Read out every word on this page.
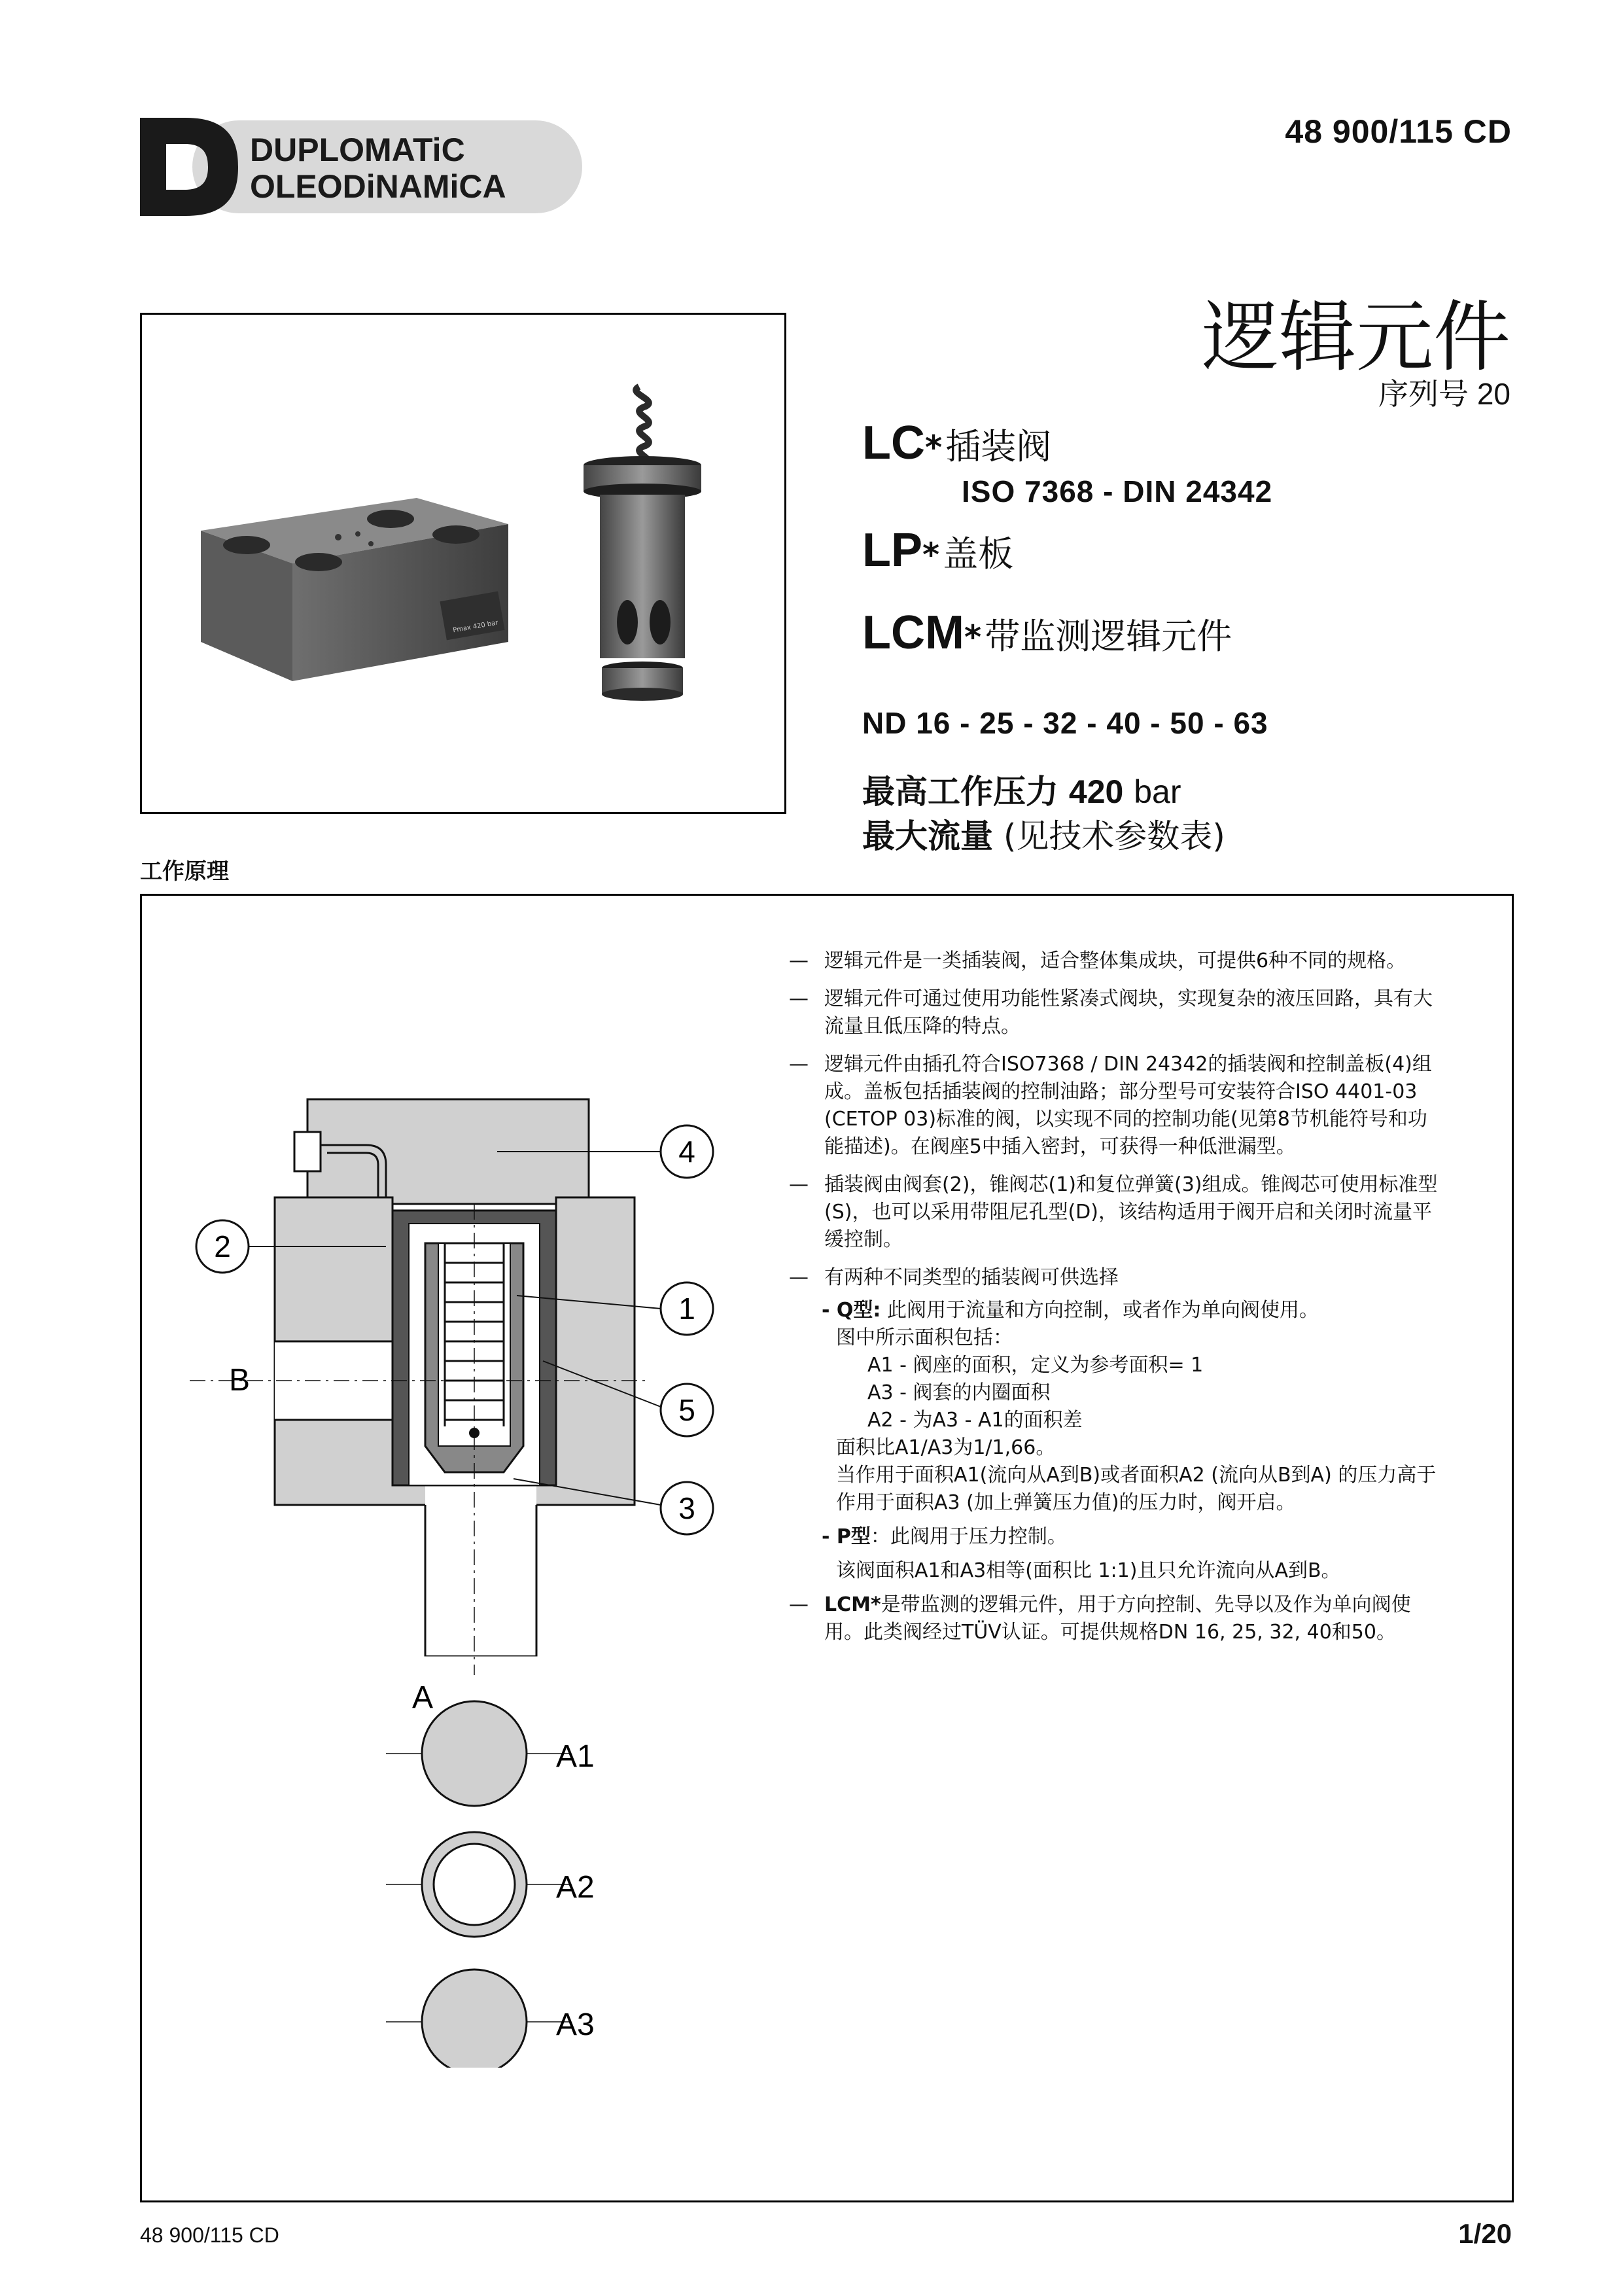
DUPLOMATiC
OLEODiNAMiCA
48 900/115 CD
逻辑元件
序列号 20
Pmax 420 bar
LC* 插装阀
ISO 7368 - DIN 24342
LP* 盖板
LCM* 带监测逻辑元件
ND 16 - 25 - 32 - 40 - 50 - 63
最高工作压力 420 bar
最大流量 (见技术参数表)
工作原理
4
2
1
5
3
B
A
A1
A2
A3
— 逻辑元件是一类插装阀，适合整体集成块，可提供6种不同的规格。
— 逻辑元件可通过使用功能性紧凑式阀块，实现复杂的液压回路，具有大流量且低压降的特点。
— 逻辑元件由插孔符合ISO7368 / DIN 24342的插装阀和控制盖板(4)组成。盖板包括插装阀的控制油路；部分型号可安装符合ISO 4401-03 (CETOP 03)标准的阀，以实现不同的控制功能(见第8节机能符号和功能描述)。在阀座5中插入密封，可获得一种低泄漏型。
— 插装阀由阀套(2)，锥阀芯(1)和复位弹簧(3)组成。锥阀芯可使用标准型(S)，也可以采用带阻尼孔型(D)，该结构适用于阀开启和关闭时流量平缓控制。
— 有两种不同类型的插装阀可供选择
- Q型: 此阀用于流量和方向控制，或者作为单向阀使用。
图中所示面积包括：
A1 - 阀座的面积，定义为参考面积= 1
A3 - 阀套的内圈面积
A2 - 为A3 - A1的面积差
面积比A1/A3为1/1,66。
当作用于面积A1(流向从A到B)或者面积A2 (流向从B到A) 的压力高于作用于面积A3 (加上弹簧压力值)的压力时，阀开启。
- P型：此阀用于压力控制。
该阀面积A1和A3相等(面积比 1:1)且只允许流向从A到B。
— LCM*是带监测的逻辑元件，用于方向控制、先导以及作为单向阀使用。此类阀经过TÜV认证。可提供规格DN 16, 25, 32, 40和50。
48 900/115 CD	1/20
